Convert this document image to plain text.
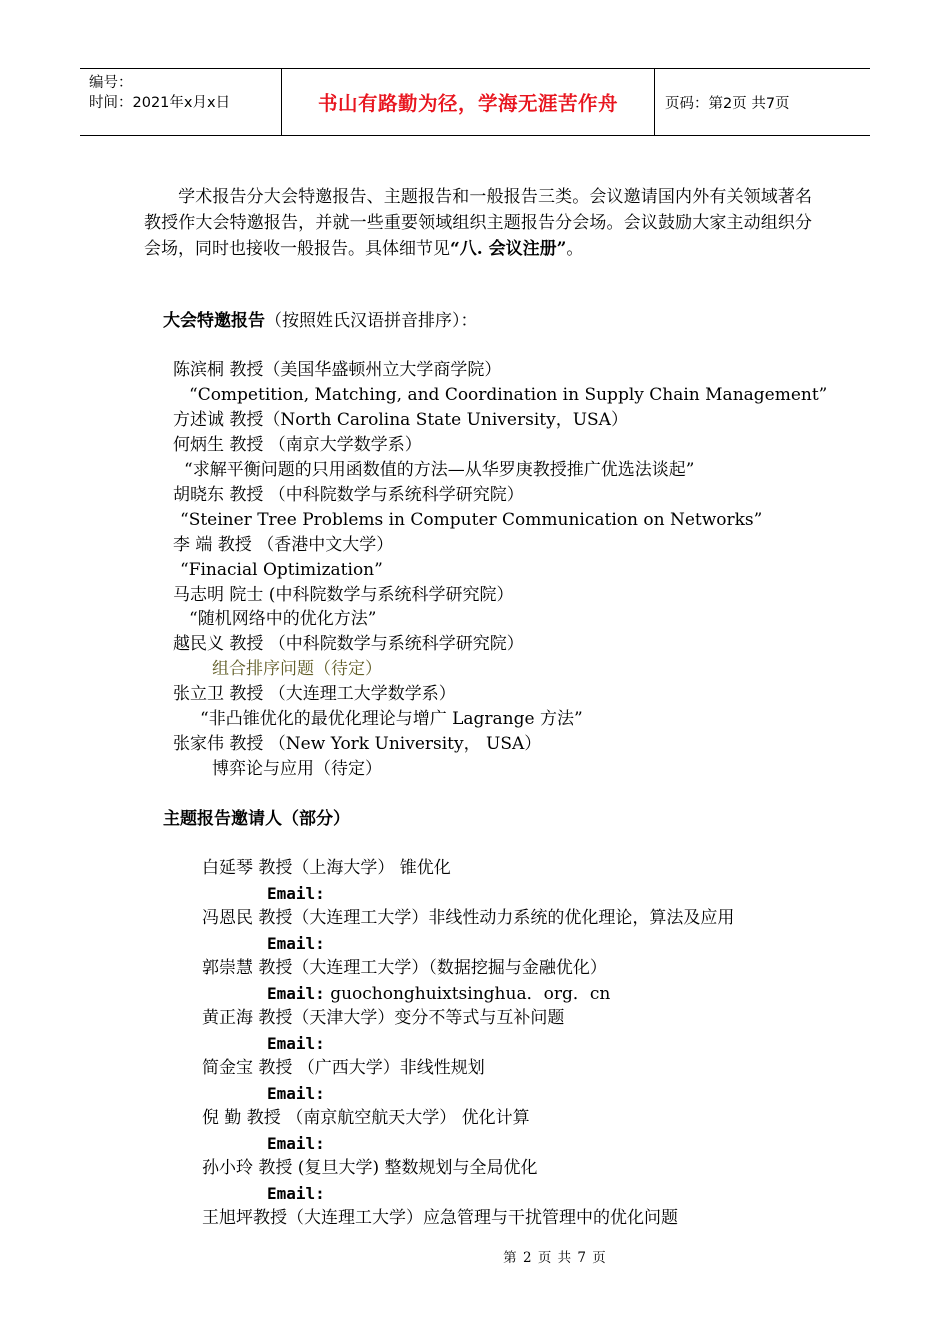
编号：
时间：2021年x月x日	书山有路勤为径，学海无涯苦作舟	页码：第2页 共7页
学术报告分大会特邀报告、主题报告和一般报告三类。会议邀请国内外有关领域著名教授作大会特邀报告，并就一些重要领域组织主题报告分会场。会议鼓励大家主动组织分会场，同时也接收一般报告。具体细节见“八. 会议注册”。
大会特邀报告（按照姓氏汉语拼音排序）：
陈滨桐 教授（美国华盛顿州立大学商学院）
“Competition, Matching, and Coordination in Supply Chain Management”
方述诚 教授（North Carolina State University，USA）
何炳生 教授 （南京大学数学系）
“求解平衡问题的只用函数值的方法—从华罗庚教授推广优选法谈起”
胡晓东 教授 （中科院数学与系统科学研究院）
“Steiner Tree Problems in Computer Communication on Networks”
李 端 教授 （香港中文大学）
“Finacial Optimization”
马志明 院士 (中科院数学与系统科学研究院）
“随机网络中的优化方法”
越民义 教授 （中科院数学与系统科学研究院）
组合排序问题（待定）
张立卫 教授 （大连理工大学数学系）
“非凸锥优化的最优化理论与增广 Lagrange 方法”
张家伟 教授 （New York University， USA）
博弈论与应用（待定）
主题报告邀请人（部分）
白延琴 教授（上海大学） 锥优化
Email:
冯恩民 教授（大连理工大学）非线性动力系统的优化理论，算法及应用
Email:
郭崇慧 教授（大连理工大学）（数据挖掘与金融优化）
Email: guochonghuixtsinghua．org．cn
黄正海 教授（天津大学）变分不等式与互补问题
Email:
简金宝 教授 （广西大学）非线性规划
Email:
倪 勤 教授 （南京航空航天大学） 优化计算
Email:
孙小玲 教授 (复旦大学) 整数规划与全局优化
Email:
王旭坪教授（大连理工大学）应急管理与干扰管理中的优化问题
第 2 页 共 7 页
